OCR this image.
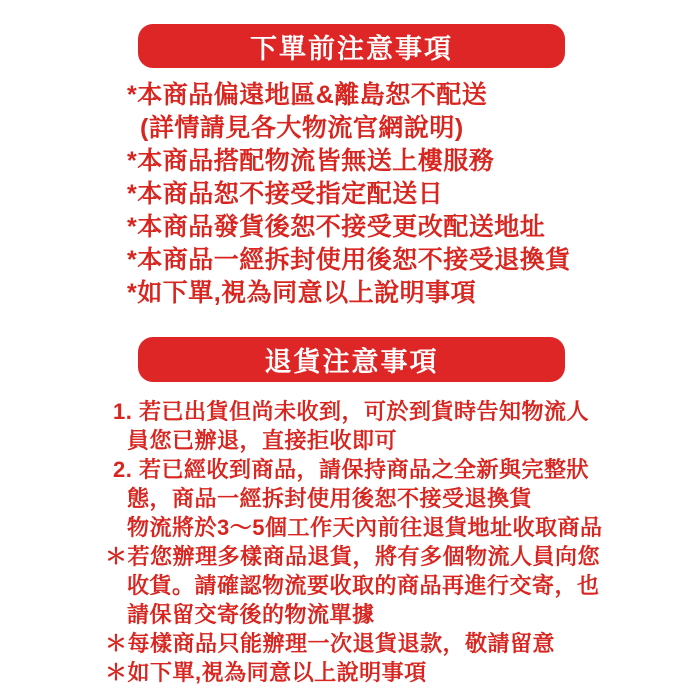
下單前注意事項
*本商品偏遠地區&離島恕不配送
(詳情請見各大物流官網說明)
*本商品搭配物流皆無送上樓服務
*本商品恕不接受指定配送日
*本商品發貨後恕不接受更改配送地址
*本商品一經拆封使用後恕不接受退換貨
*如下單,視為同意以上說明事項
退貨注意事項
1. 若已出貨但尚未收到，可於到貨時告知物流人
員您已辦退，直接拒收即可
2. 若已經收到商品，請保持商品之全新與完整狀
態，商品一經拆封使用後恕不接受退換貨
物流將於3～5個工作天內前往退貨地址收取商品
＊若您辦理多樣商品退貨，將有多個物流人員向您
收貨。請確認物流要收取的商品再進行交寄，也
請保留交寄後的物流單據
＊每樣商品只能辦理一次退貨退款，敬請留意
＊如下單,視為同意以上說明事項
